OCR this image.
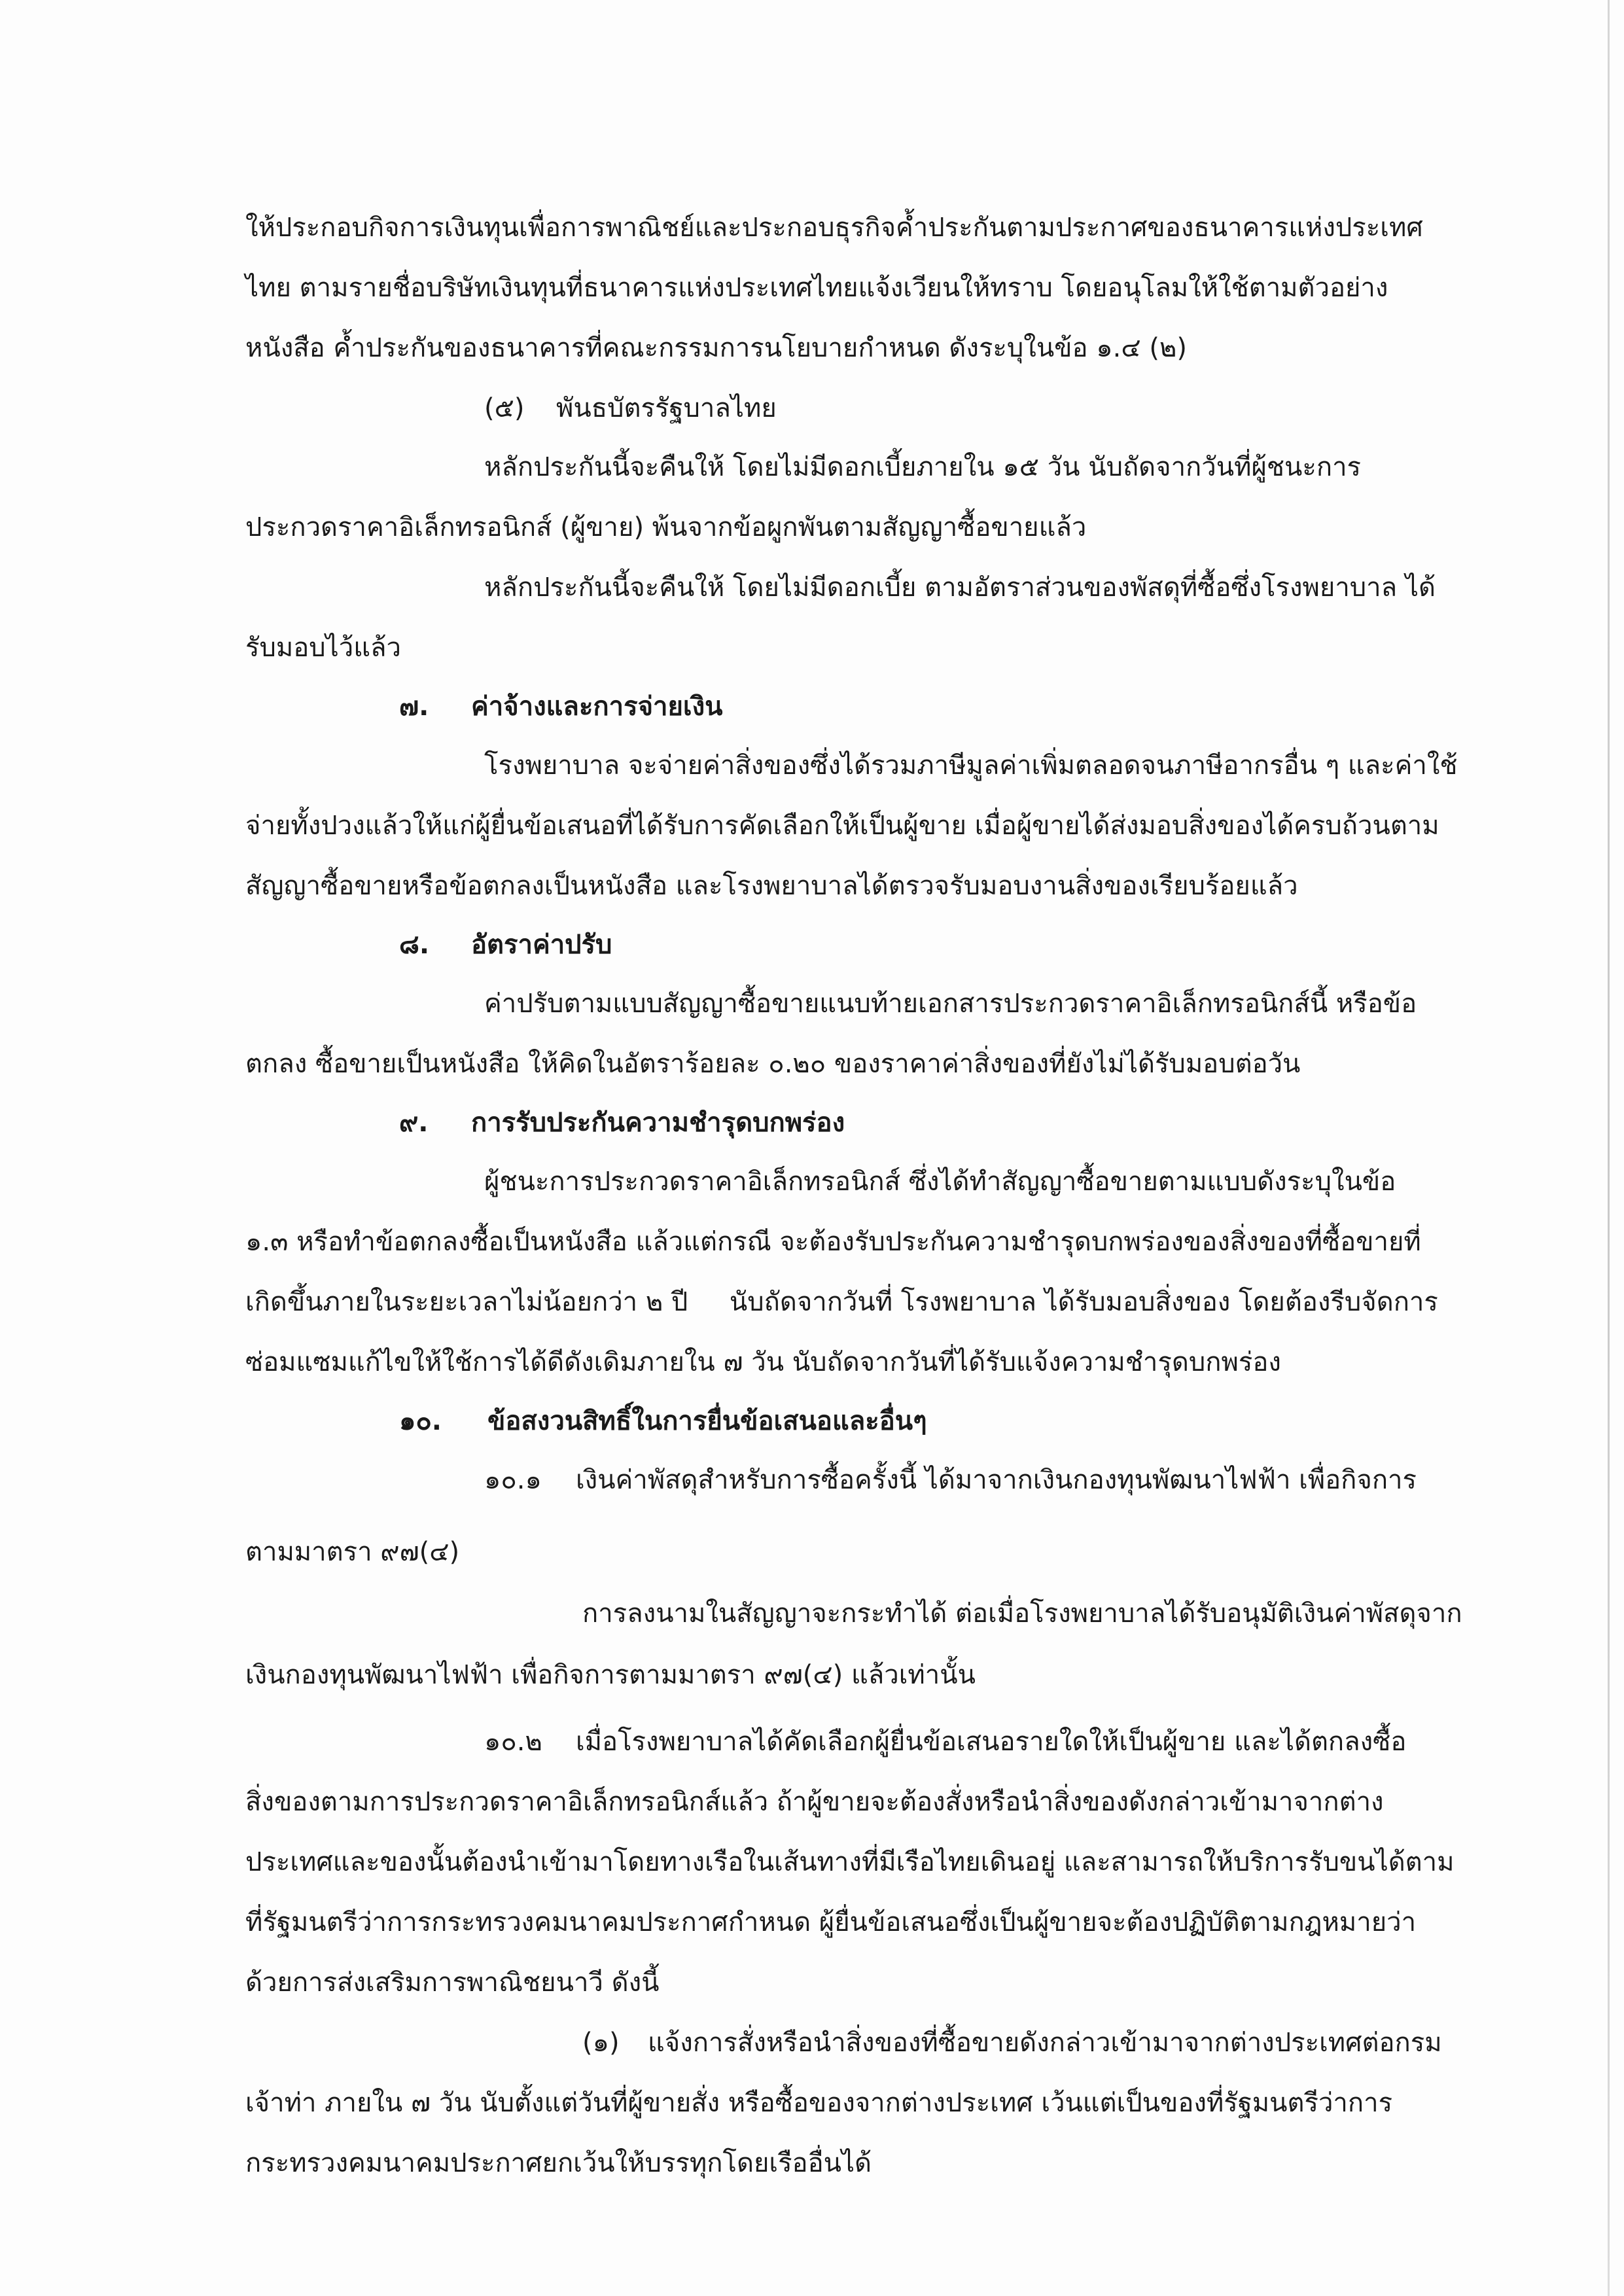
ให้ประกอบกิจการเงินทุนเพื่อการพาณิชย์และประกอบธุรกิจค้ำประกันตามประกาศของธนาคารแห่งประเทศ
ไทย ตามรายชื่อบริษัทเงินทุนที่ธนาคารแห่งประเทศไทยแจ้งเวียนให้ทราบ โดยอนุโลมให้ใช้ตามตัวอย่าง
หนังสือ ค้ำประกันของธนาคารที่คณะกรรมการนโยบายกำหนด ดังระบุในข้อ ๑.๔ (๒)
(๕) พันธบัตรรัฐบาลไทย
หลักประกันนี้จะคืนให้ โดยไม่มีดอกเบี้ยภายใน ๑๕ วัน นับถัดจากวันที่ผู้ชนะการ
ประกวดราคาอิเล็กทรอนิกส์ (ผู้ขาย) พ้นจากข้อผูกพันตามสัญญาซื้อขายแล้ว
หลักประกันนี้จะคืนให้ โดยไม่มีดอกเบี้ย ตามอัตราส่วนของพัสดุที่ซื้อซึ่งโรงพยาบาล ได้
รับมอบไว้แล้ว
๗. ค่าจ้างและการจ่ายเงิน
โรงพยาบาล จะจ่ายค่าสิ่งของซึ่งได้รวมภาษีมูลค่าเพิ่มตลอดจนภาษีอากรอื่น ๆ และค่าใช้
จ่ายทั้งปวงแล้วให้แก่ผู้ยื่นข้อเสนอที่ได้รับการคัดเลือกให้เป็นผู้ขาย เมื่อผู้ขายได้ส่งมอบสิ่งของได้ครบถ้วนตาม
สัญญาซื้อขายหรือข้อตกลงเป็นหนังสือ และโรงพยาบาลได้ตรวจรับมอบงานสิ่งของเรียบร้อยแล้ว
๘. อัตราค่าปรับ
ค่าปรับตามแบบสัญญาซื้อขายแนบท้ายเอกสารประกวดราคาอิเล็กทรอนิกส์นี้ หรือข้อ
ตกลง ซื้อขายเป็นหนังสือ ให้คิดในอัตราร้อยละ ๐.๒๐ ของราคาค่าสิ่งของที่ยังไม่ได้รับมอบต่อวัน
๙. การรับประกันความชำรุดบกพร่อง
ผู้ชนะการประกวดราคาอิเล็กทรอนิกส์ ซึ่งได้ทำสัญญาซื้อขายตามแบบดังระบุในข้อ
๑.๓ หรือทำข้อตกลงซื้อเป็นหนังสือ แล้วแต่กรณี จะต้องรับประกันความชำรุดบกพร่องของสิ่งของที่ซื้อขายที่
เกิดขึ้นภายในระยะเวลาไม่น้อยกว่า ๒ ปี     นับถัดจากวันที่ โรงพยาบาล ได้รับมอบสิ่งของ โดยต้องรีบจัดการ
ซ่อมแซมแก้ไขให้ใช้การได้ดีดังเดิมภายใน ๗ วัน นับถัดจากวันที่ได้รับแจ้งความชำรุดบกพร่อง
๑๐. ข้อสงวนสิทธิ์ในการยื่นข้อเสนอและอื่นๆ
๑๐.๑ เงินค่าพัสดุสำหรับการซื้อครั้งนี้ ได้มาจากเงินกองทุนพัฒนาไฟฟ้า เพื่อกิจการ
ตามมาตรา ๙๗(๔)
การลงนามในสัญญาจะกระทำได้ ต่อเมื่อโรงพยาบาลได้รับอนุมัติเงินค่าพัสดุจาก
เงินกองทุนพัฒนาไฟฟ้า เพื่อกิจการตามมาตรา ๙๗(๔) แล้วเท่านั้น
๑๐.๒ เมื่อโรงพยาบาลได้คัดเลือกผู้ยื่นข้อเสนอรายใดให้เป็นผู้ขาย และได้ตกลงซื้อ
สิ่งของตามการประกวดราคาอิเล็กทรอนิกส์แล้ว ถ้าผู้ขายจะต้องสั่งหรือนำสิ่งของดังกล่าวเข้ามาจากต่าง
ประเทศและของนั้นต้องนำเข้ามาโดยทางเรือในเส้นทางที่มีเรือไทยเดินอยู่ และสามารถให้บริการรับขนได้ตาม
ที่รัฐมนตรีว่าการกระทรวงคมนาคมประกาศกำหนด ผู้ยื่นข้อเสนอซึ่งเป็นผู้ขายจะต้องปฏิบัติตามกฎหมายว่า
ด้วยการส่งเสริมการพาณิชยนาวี ดังนี้
(๑) แจ้งการสั่งหรือนำสิ่งของที่ซื้อขายดังกล่าวเข้ามาจากต่างประเทศต่อกรม
เจ้าท่า ภายใน ๗ วัน นับตั้งแต่วันที่ผู้ขายสั่ง หรือซื้อของจากต่างประเทศ เว้นแต่เป็นของที่รัฐมนตรีว่าการ
กระทรวงคมนาคมประกาศยกเว้นให้บรรทุกโดยเรืออื่นได้
